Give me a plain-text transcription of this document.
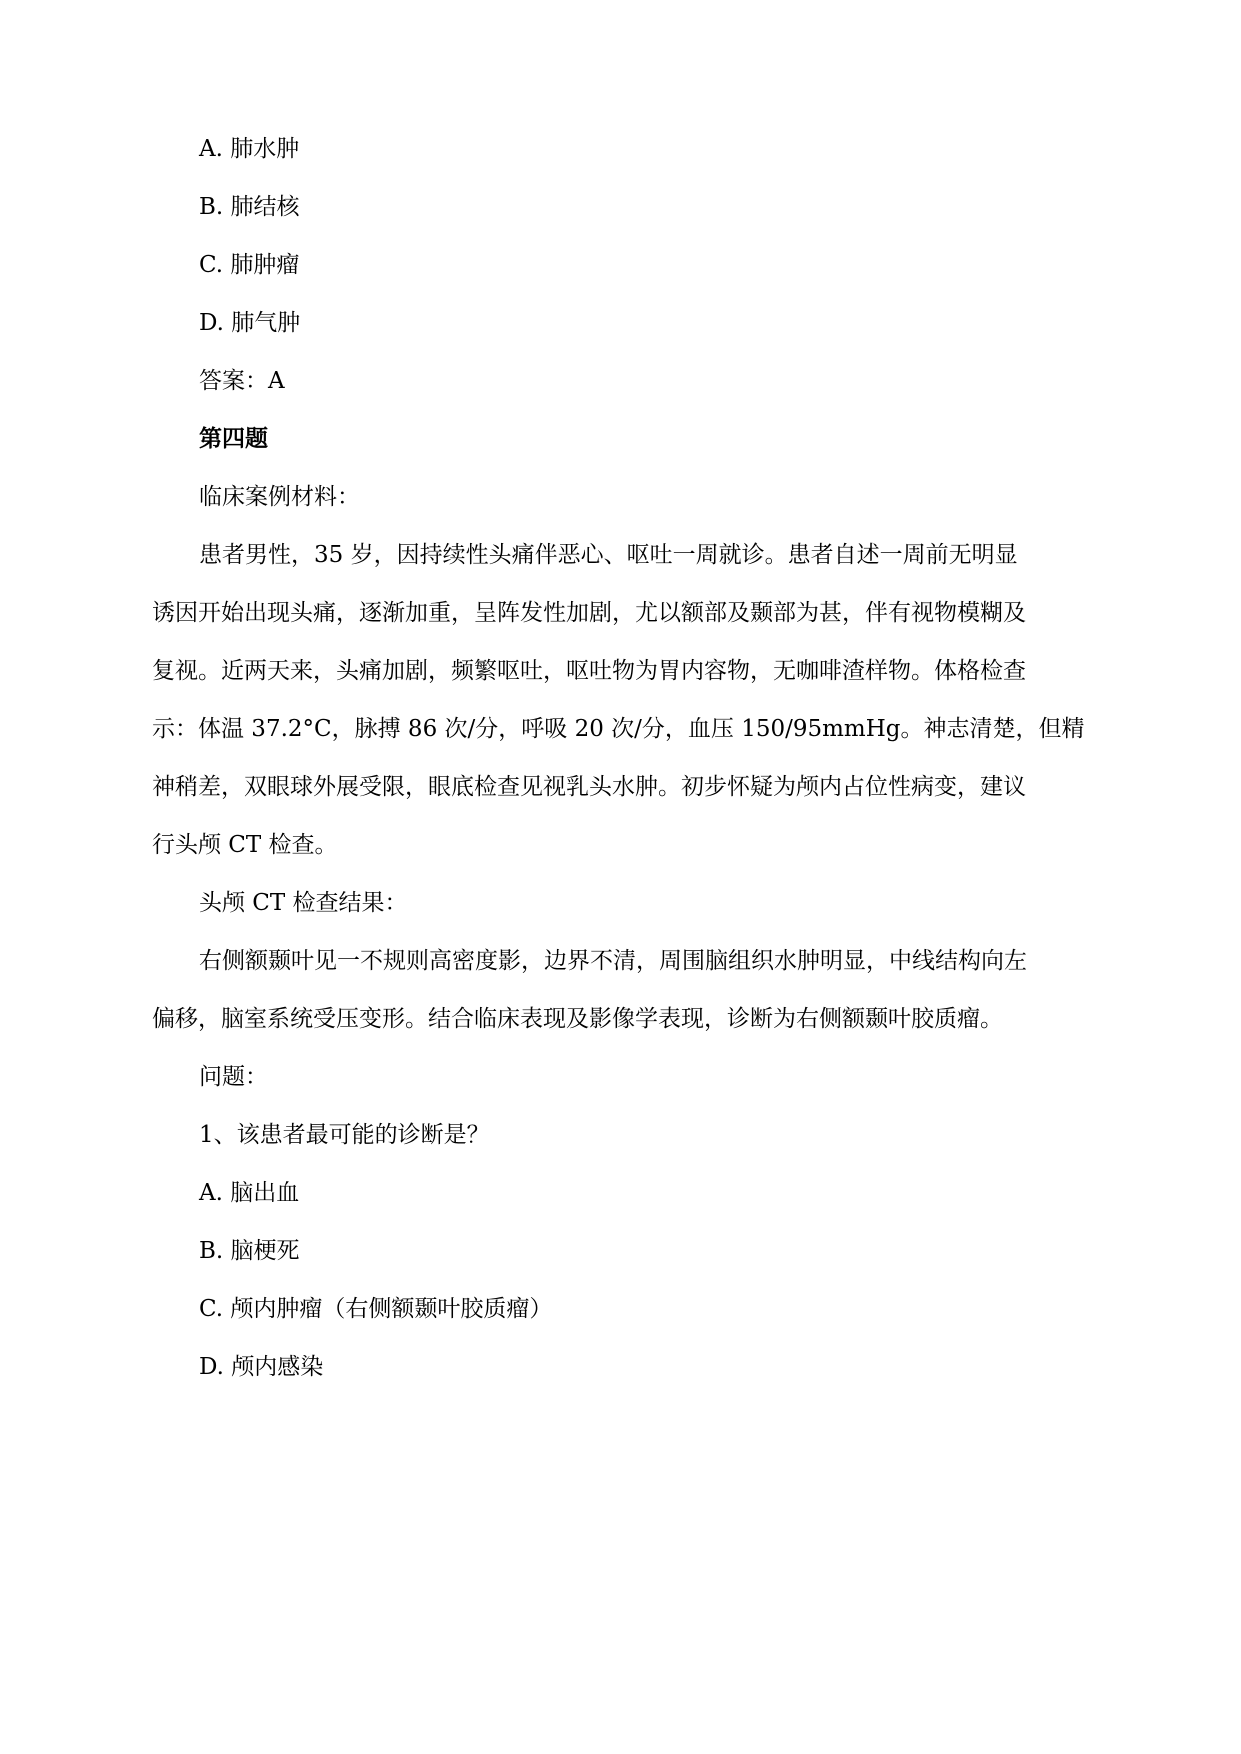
A. 肺水肿
B. 肺结核
C. 肺肿瘤
D. 肺气肿
答案：A
第四题
临床案例材料：
患者男性，35 岁，因持续性头痛伴恶心、呕吐一周就诊。患者自述一周前无明显
诱因开始出现头痛，逐渐加重，呈阵发性加剧，尤以额部及颞部为甚，伴有视物模糊及
复视。近两天来，头痛加剧，频繁呕吐，呕吐物为胃内容物，无咖啡渣样物。体格检查
示：体温 37.2°C，脉搏 86 次/分，呼吸 20 次/分，血压 150/95mmHg。神志清楚，但精
神稍差，双眼球外展受限，眼底检查见视乳头水肿。初步怀疑为颅内占位性病变，建议
行头颅 CT 检查。
头颅 CT 检查结果：
右侧额颞叶见一不规则高密度影，边界不清，周围脑组织水肿明显，中线结构向左
偏移，脑室系统受压变形。结合临床表现及影像学表现，诊断为右侧额颞叶胶质瘤。
问题：
1、该患者最可能的诊断是？
A. 脑出血
B. 脑梗死
C. 颅内肿瘤（右侧额颞叶胶质瘤）
D. 颅内感染
